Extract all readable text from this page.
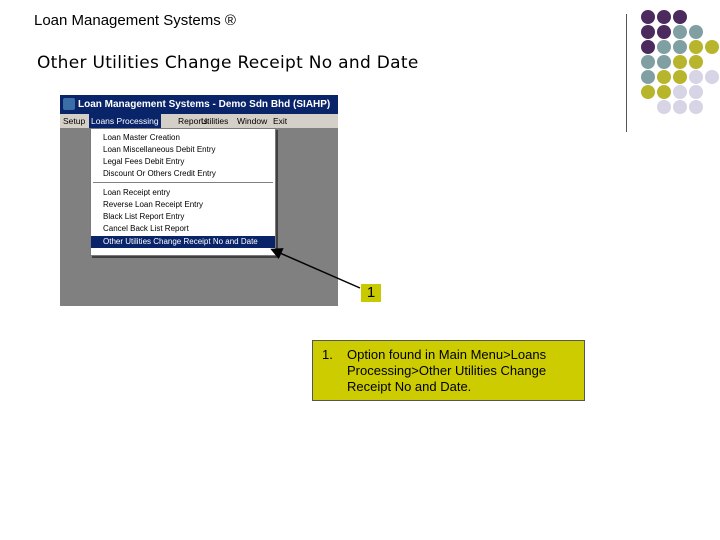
Loan Management Systems ®
Other Utilities Change Receipt No and Date
Loan Management Systems - Demo Sdn Bhd (SIAHP)
Setup Loans Processing Reports
Utilities Window Exit
Loan Master Creation
Loan Miscellaneous Debit Entry
Legal Fees Debit Entry
Discount Or Others Credit Entry
Loan Receipt entry
Reverse Loan Receipt Entry
Black List Report Entry
Cancel Back List Report
Other Utilities Change Receipt No and Date
1
1. Option found in Main Menu>Loans Processing>Other Utilities Change Receipt No and Date.
